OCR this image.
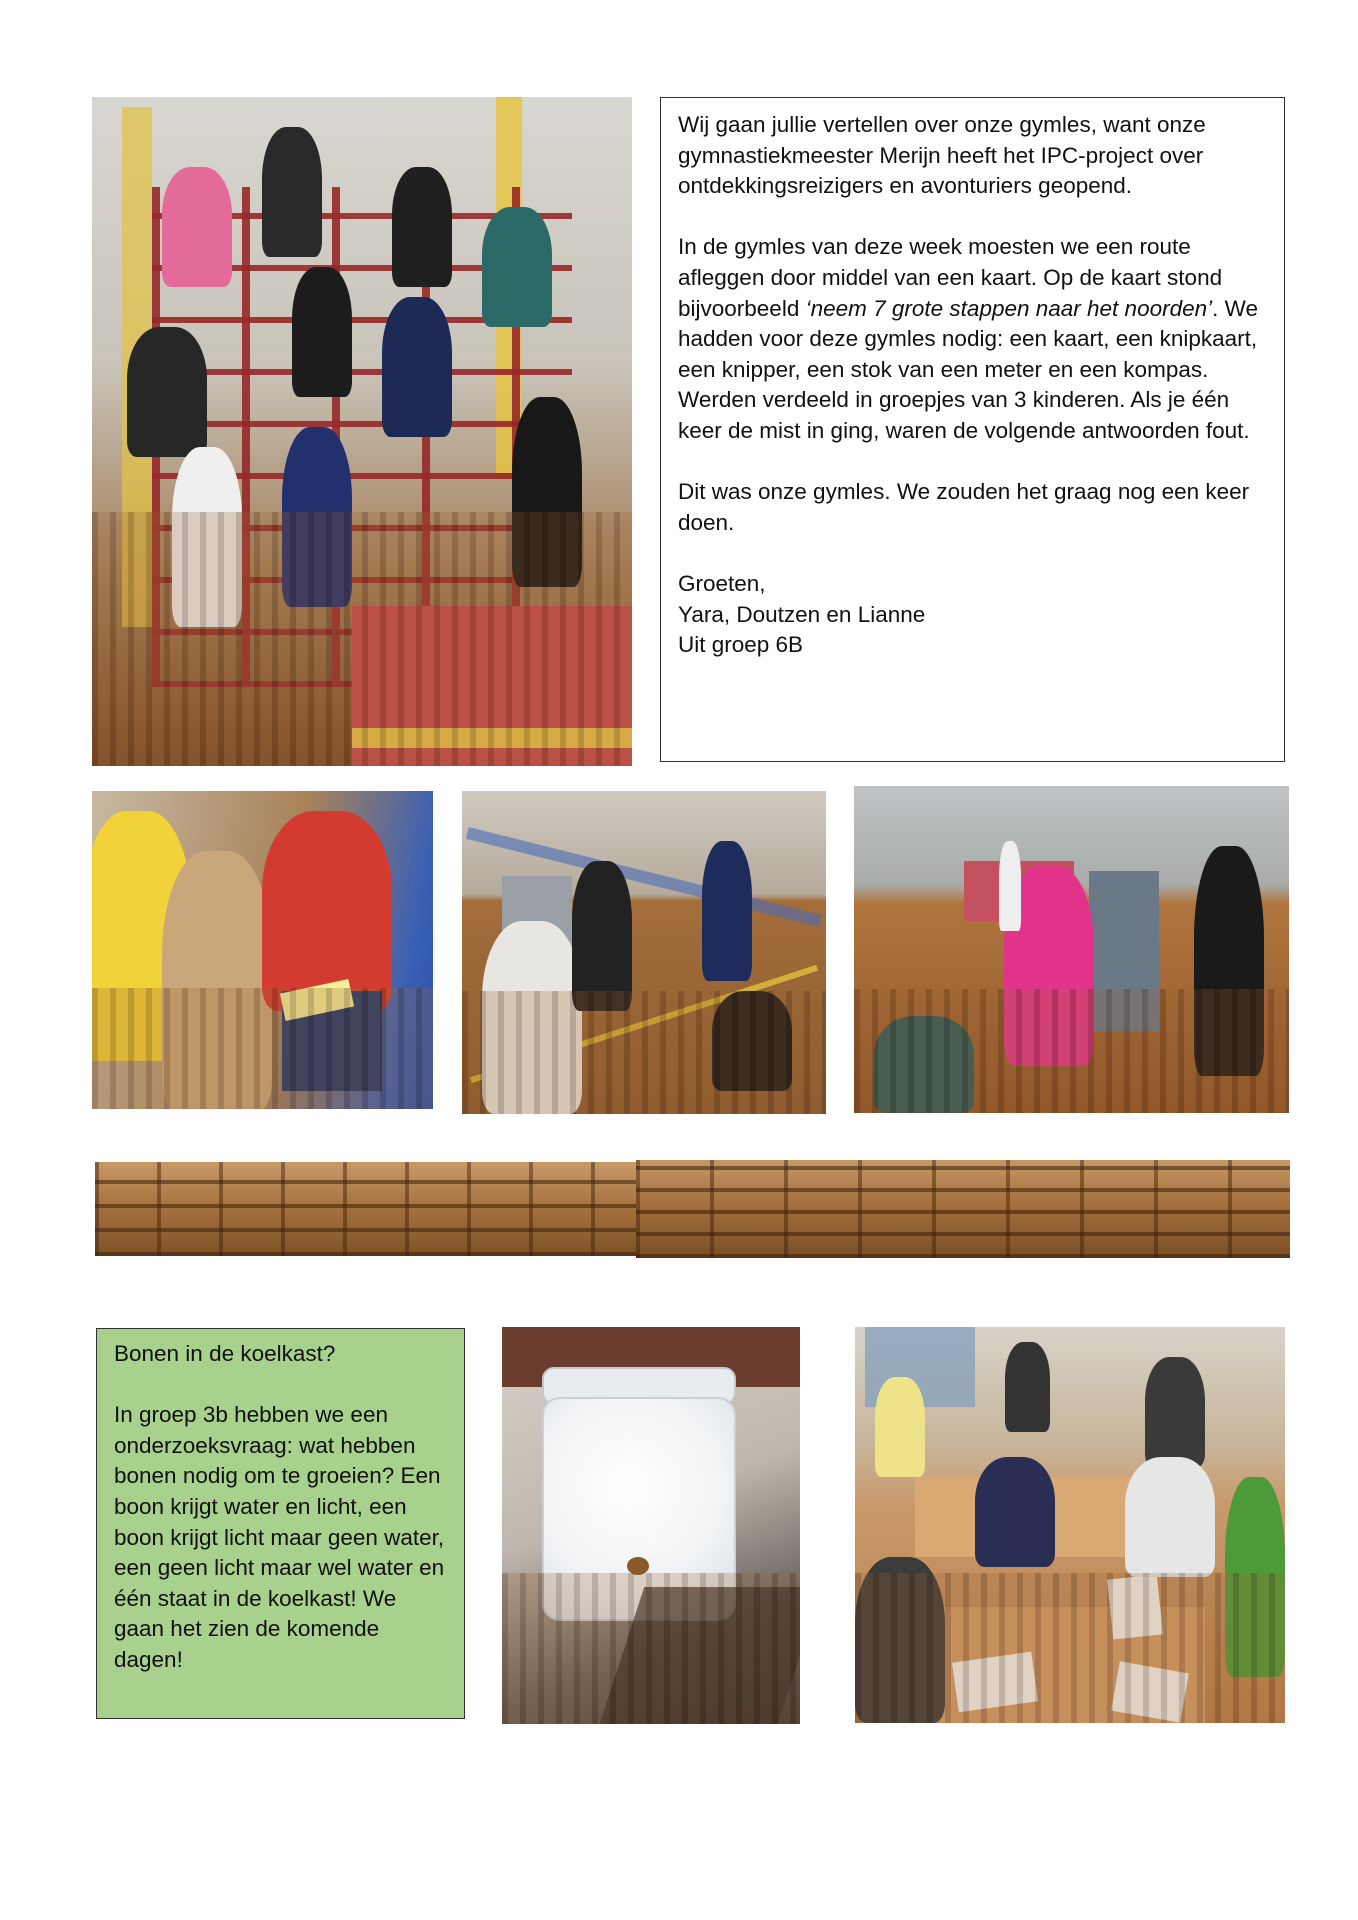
Wij gaan jullie vertellen over onze gymles, want onze gymnastiekmeester Merijn heeft het IPC-project over ontdekkingsreizigers en avonturiers geopend.

In de gymles van deze week moesten we een route afleggen door middel van een kaart. Op de kaart stond bijvoorbeeld ‘neem 7 grote stappen naar het noorden’. We hadden voor deze gymles nodig: een kaart, een knipkaart, een knipper, een stok van een meter en een kompas. Werden verdeeld in groepjes van 3 kinderen. Als je één keer de mist in ging, waren de volgende antwoorden fout.

Dit was onze gymles. We zouden het graag nog een keer doen.

Groeten,
Yara, Doutzen en Lianne
Uit groep 6B

Bonen in de koelkast?

In groep 3b hebben we een onderzoeksvraag: wat hebben bonen nodig om te groeien? Een boon krijgt water en licht, een boon krijgt licht maar geen water, een geen licht maar wel water en één staat in de koelkast! We gaan het zien de komende dagen!
